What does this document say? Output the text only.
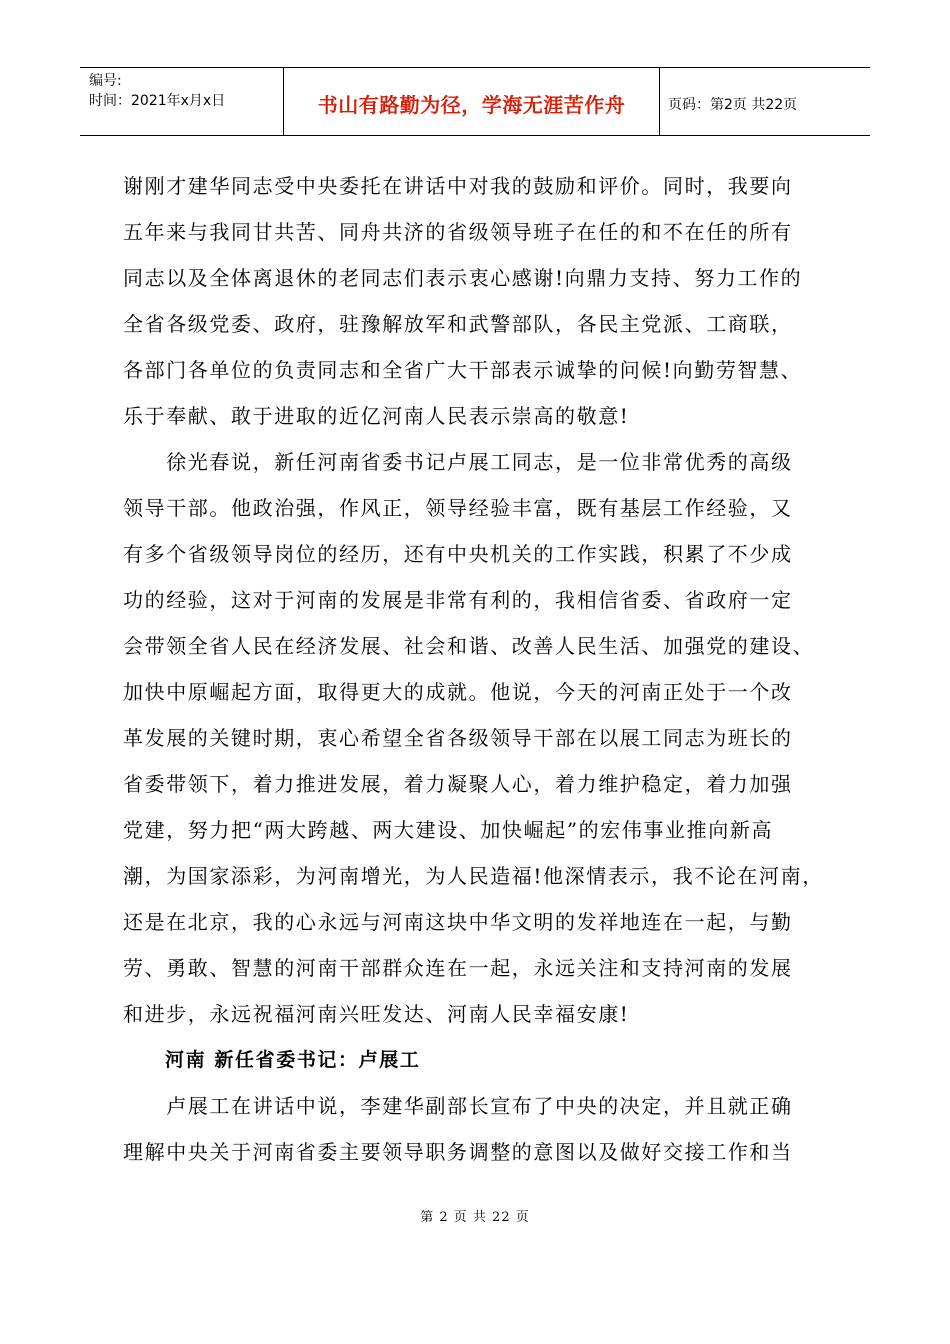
编号:
时间：2021年x月x日	书山有路勤为径，学海无涯苦作舟	页码：第2页 共22页

谢刚才建华同志受中央委托在讲话中对我的鼓励和评价。同时，我要向

五年来与我同甘共苦、同舟共济的省级领导班子在任的和不在任的所有

同志以及全体离退休的老同志们表示衷心感谢!向鼎力支持、努力工作的

全省各级党委、政府，驻豫解放军和武警部队，各民主党派、工商联，

各部门各单位的负责同志和全省广大干部表示诚挚的问候!向勤劳智慧、

乐于奉献、敢于进取的近亿河南人民表示崇高的敬意!

　　徐光春说，新任河南省委书记卢展工同志，是一位非常优秀的高级

领导干部。他政治强，作风正，领导经验丰富，既有基层工作经验，又

有多个省级领导岗位的经历，还有中央机关的工作实践，积累了不少成

功的经验，这对于河南的发展是非常有利的，我相信省委、省政府一定

会带领全省人民在经济发展、社会和谐、改善人民生活、加强党的建设、

加快中原崛起方面，取得更大的成就。他说，今天的河南正处于一个改

革发展的关键时期，衷心希望全省各级领导干部在以展工同志为班长的

省委带领下，着力推进发展，着力凝聚人心，着力维护稳定，着力加强

党建，努力把“两大跨越、两大建设、加快崛起”的宏伟事业推向新高

潮，为国家添彩，为河南增光，为人民造福!他深情表示，我不论在河南，

还是在北京，我的心永远与河南这块中华文明的发祥地连在一起，与勤

劳、勇敢、智慧的河南干部群众连在一起，永远关注和支持河南的发展

和进步，永远祝福河南兴旺发达、河南人民幸福安康!

河南 新任省委书记：卢展工

　　卢展工在讲话中说，李建华副部长宣布了中央的决定，并且就正确

理解中央关于河南省委主要领导职务调整的意图以及做好交接工作和当

第 2 页 共 22 页
